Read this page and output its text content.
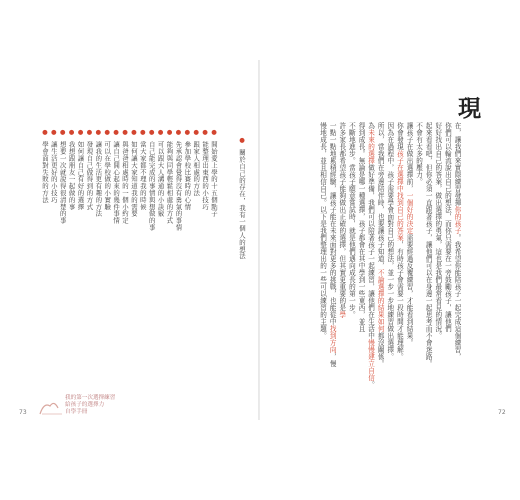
現
在，讓我們來實際練習發揮你的孩子。我希望你能陪孩子一起完成這個練習，
你們可以輪流說出自己的想法，而你只需要在一旁鼓勵孩子，讓他們
好好找出自己的答案，做出選擇的勇氣，這也是我們最常看見的情況。
起來看看吧，但你必須一直跟著孩子，讓他們可以在身邊一起思考而不會迷路。
不會有太多的壓力。
讓孩子在做出選擇前，一個好的決定需要經過反覆練習，才能看到結果。
你會發現孩子在選擇中找到自己的答案，有時孩子會需要一段時間才能理解。
因為在過程中，孩子需要學會面對自己的想法，並一步一步地練習做出選擇。
所以，當我們在旁邊陪伴時，也要讓孩子知道，不論選擇的結果如何都沒關係。
為未來的選擇做好準備，我們可以陪著孩子一起練習，讓他們在生活中慢慢建立自信。
得到成長。無論是哪一種選擇，孩子都會在其中學到一些東西，並且
不斷地進步。當孩子願意嘗試時，就是他們邁向成長的第一步。
許多家長都希望孩子能夠做出正確的選擇，但其實更重要的是學
一點一點地累積經驗，讓孩子能在未來面對更多的挑戰，也能從中找到方向，慢
慢地成長，並且相信自己。以下是我們整理出的一些可以練習的主題。
72
● 關於自己的存在，我有一個人的想法
● 開始愛上學的十五個點子
● 能整理出東西的小技巧
● 跟家人相處的方法
● 參加學校比賽時的心情
● 先承認會覺得沒有勇氣的事情
● 能夠與同學輕鬆相處的方式
● 可以跟大人溝通的小訣竅
● 自己能完成的事情與想做的事
● 當大家都不理我的時候
● 如何讓大家知道我的需要
● 與爸爸相處時的一個小約定
● 讓自己開心起來的幾件事情
● 可以在學校做的小實驗
● 讓我的生活更有趣的方法
● 發現自己做得到的方式
● 如何讓自己有好的選擇
● 我想跟朋友一起做的事
● 想要一次就說得很清楚的事
● 讓生活更好的小技巧
● 學會面對失敗的方法
我的第一次選擇練習
給孩子的選擇力
自學手冊
73
